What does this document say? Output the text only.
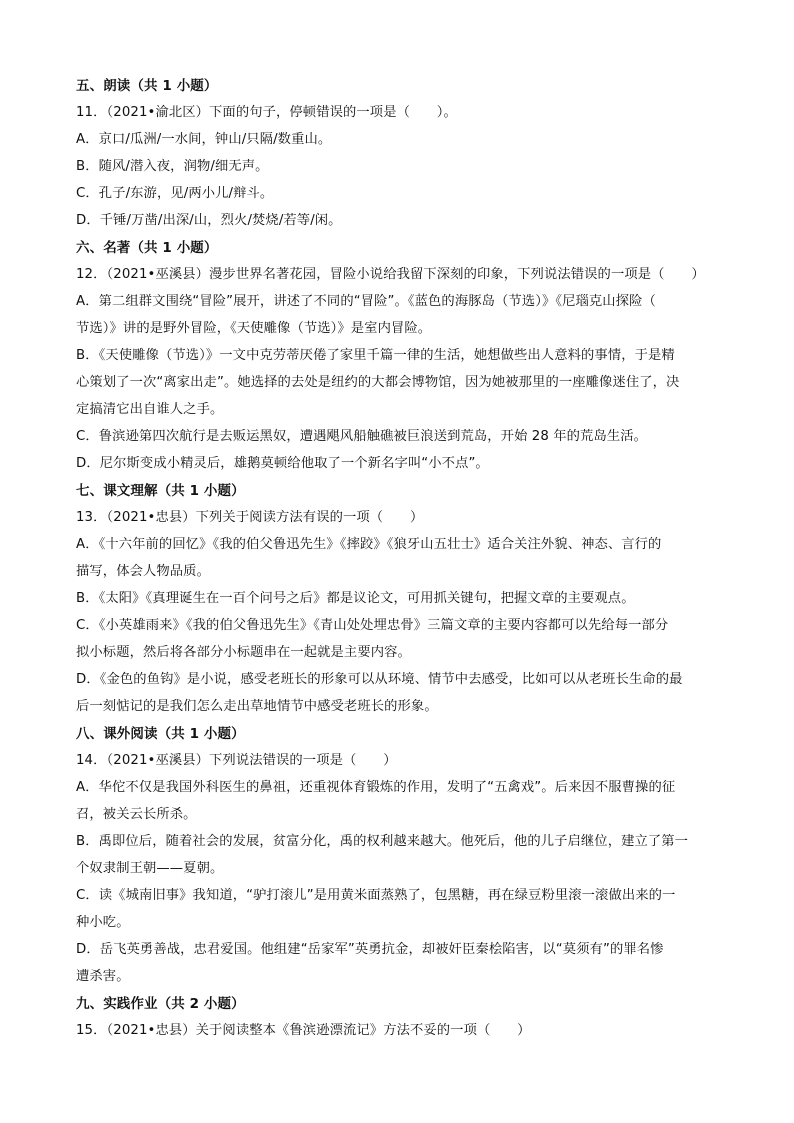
五、朗读（共 1 小题）
11．（2021•渝北区）下面的句子，停顿错误的一项是（　　）。
A．京口/瓜洲/一水间，钟山/只隔/数重山。
B．随风/潜入夜，润物/细无声。
C．孔子/东游，见/两小儿/辩斗。
D．千锤/万凿/出深/山，烈火/焚烧/若等/闲。
六、名著（共 1 小题）
12．（2021•巫溪县）漫步世界名著花园，冒险小说给我留下深刻的印象，下列说法错误的一项是（　　）
A．第二组群文围绕“冒险”展开，讲述了不同的“冒险”。《蓝色的海豚岛（节选）》《尼瑙克山探险（
节选）》讲的是野外冒险，《天使雕像（节选）》是室内冒险。
B．《天使雕像（节选）》一文中克劳蒂厌倦了家里千篇一律的生活，她想做些出人意料的事情，于是精
心策划了一次“离家出走”。她选择的去处是纽约的大都会博物馆，因为她被那里的一座雕像迷住了，决
定搞清它出自谁人之手。
C．鲁滨逊第四次航行是去贩运黑奴，遭遇飓风船触礁被巨浪送到荒岛，开始 28 年的荒岛生活。
D．尼尔斯变成小精灵后，雄鹅莫顿给他取了一个新名字叫“小不点”。
七、课文理解（共 1 小题）
13．（2021•忠县）下列关于阅读方法有误的一项（　　）
A．《十六年前的回忆》《我的伯父鲁迅先生》《摔跤》《狼牙山五壮士》适合关注外貌、神态、言行的
描写，体会人物品质。
B．《太阳》《真理诞生在一百个问号之后》都是议论文，可用抓关键句，把握文章的主要观点。
C．《小英雄雨来》《我的伯父鲁迅先生》《青山处处埋忠骨》三篇文章的主要内容都可以先给每一部分
拟小标题，然后将各部分小标题串在一起就是主要内容。
D．《金色的鱼钩》是小说，感受老班长的形象可以从环境、情节中去感受，比如可以从老班长生命的最
后一刻惦记的是我们怎么走出草地情节中感受老班长的形象。
八、课外阅读（共 1 小题）
14．（2021•巫溪县）下列说法错误的一项是（　　）
A．华佗不仅是我国外科医生的鼻祖，还重视体育锻炼的作用，发明了“五禽戏”。后来因不服曹操的征
召，被关云长所杀。
B．禹即位后，随着社会的发展，贫富分化，禹的权利越来越大。他死后，他的儿子启继位，建立了第一
个奴隶制王朝——夏朝。
C．读《城南旧事》我知道，“驴打滚儿”是用黄米面蒸熟了，包黑糖，再在绿豆粉里滚一滚做出来的一
种小吃。
D．岳飞英勇善战，忠君爱国。他组建“岳家军”英勇抗金，却被奸臣秦桧陷害，以“莫须有”的罪名惨
遭杀害。
九、实践作业（共 2 小题）
15．（2021•忠县）关于阅读整本《鲁滨逊漂流记》方法不妥的一项（　　）
